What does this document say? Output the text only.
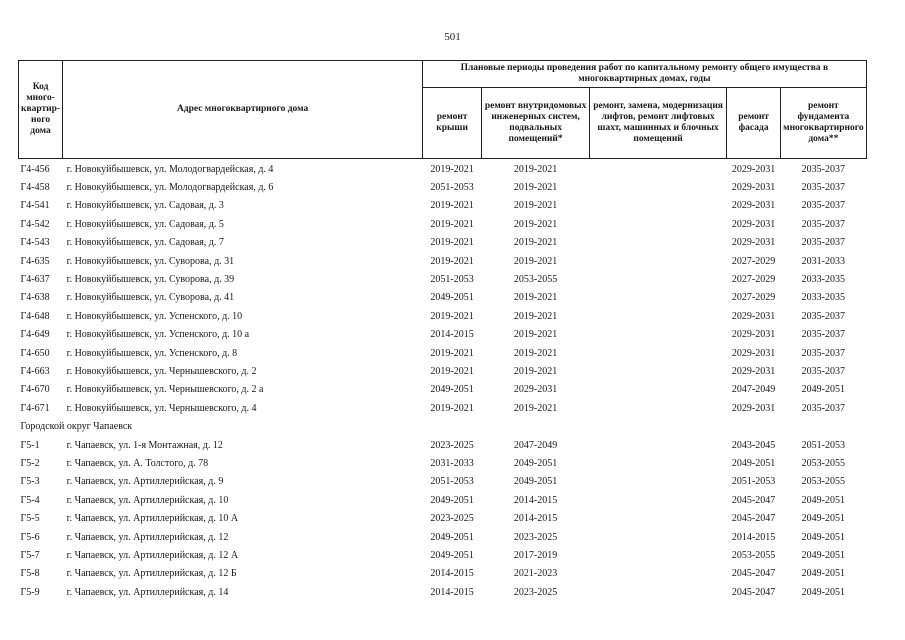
501
Код много-квартир-ного дома	Адрес многоквартирного дома	Плановые периоды проведения работ по капитальному ремонту общего имущества в многоквартирных домах, годы				
		ремонт крыши	ремонт внутридомовых инженерных систем, подвальных помещений*	ремонт, замена, модернизация лифтов, ремонт лифтовых шахт, машинных и блочных помещений	ремонт фасада	ремонт фундамента многоквартирного дома**
Г4-456	г. Новокуйбышевск, ул. Молодогвардейская, д. 4	2019-2021	2019-2021		2029-2031	2035-2037
Г4-458	г. Новокуйбышевск, ул. Молодогвардейская, д. 6	2051-2053	2019-2021		2029-2031	2035-2037
Г4-541	г. Новокуйбышевск, ул. Садовая, д. 3	2019-2021	2019-2021		2029-2031	2035-2037
Г4-542	г. Новокуйбышевск, ул. Садовая, д. 5	2019-2021	2019-2021		2029-2031	2035-2037
Г4-543	г. Новокуйбышевск, ул. Садовая, д. 7	2019-2021	2019-2021		2029-2031	2035-2037
Г4-635	г. Новокуйбышевск, ул. Суворова, д. 31	2019-2021	2019-2021		2027-2029	2031-2033
Г4-637	г. Новокуйбышевск, ул. Суворова, д. 39	2051-2053	2053-2055		2027-2029	2033-2035
Г4-638	г. Новокуйбышевск, ул. Суворова, д. 41	2049-2051	2019-2021		2027-2029	2033-2035
Г4-648	г. Новокуйбышевск, ул. Успенского, д. 10	2019-2021	2019-2021		2029-2031	2035-2037
Г4-649	г. Новокуйбышевск, ул. Успенского, д. 10 а	2014-2015	2019-2021		2029-2031	2035-2037
Г4-650	г. Новокуйбышевск, ул. Успенского, д. 8	2019-2021	2019-2021		2029-2031	2035-2037
Г4-663	г. Новокуйбышевск, ул. Чернышевского, д. 2	2019-2021	2019-2021		2029-2031	2035-2037
Г4-670	г. Новокуйбышевск, ул. Чернышевского, д. 2 а	2049-2051	2029-2031		2047-2049	2049-2051
Г4-671	г. Новокуйбышевск, ул. Чернышевского, д. 4	2019-2021	2019-2021		2029-2031	2035-2037
Городской округ Чапаевск						
Г5-1	г. Чапаевск, ул. 1-я Монтажная, д. 12	2023-2025	2047-2049		2043-2045	2051-2053
Г5-2	г. Чапаевск, ул. А. Толстого, д. 78	2031-2033	2049-2051		2049-2051	2053-2055
Г5-3	г. Чапаевск, ул. Артиллерийская, д. 9	2051-2053	2049-2051		2051-2053	2053-2055
Г5-4	г. Чапаевск, ул. Артиллерийская, д. 10	2049-2051	2014-2015		2045-2047	2049-2051
Г5-5	г. Чапаевск, ул. Артиллерийская, д. 10 А	2023-2025	2014-2015		2045-2047	2049-2051
Г5-6	г. Чапаевск, ул. Артиллерийская, д. 12	2049-2051	2023-2025		2014-2015	2049-2051
Г5-7	г. Чапаевск, ул. Артиллерийская, д. 12 А	2049-2051	2017-2019		2053-2055	2049-2051
Г5-8	г. Чапаевск, ул. Артиллерийская, д. 12 Б	2014-2015	2021-2023		2045-2047	2049-2051
Г5-9	г. Чапаевск, ул. Артиллерийская, д. 14	2014-2015	2023-2025		2045-2047	2049-2051
